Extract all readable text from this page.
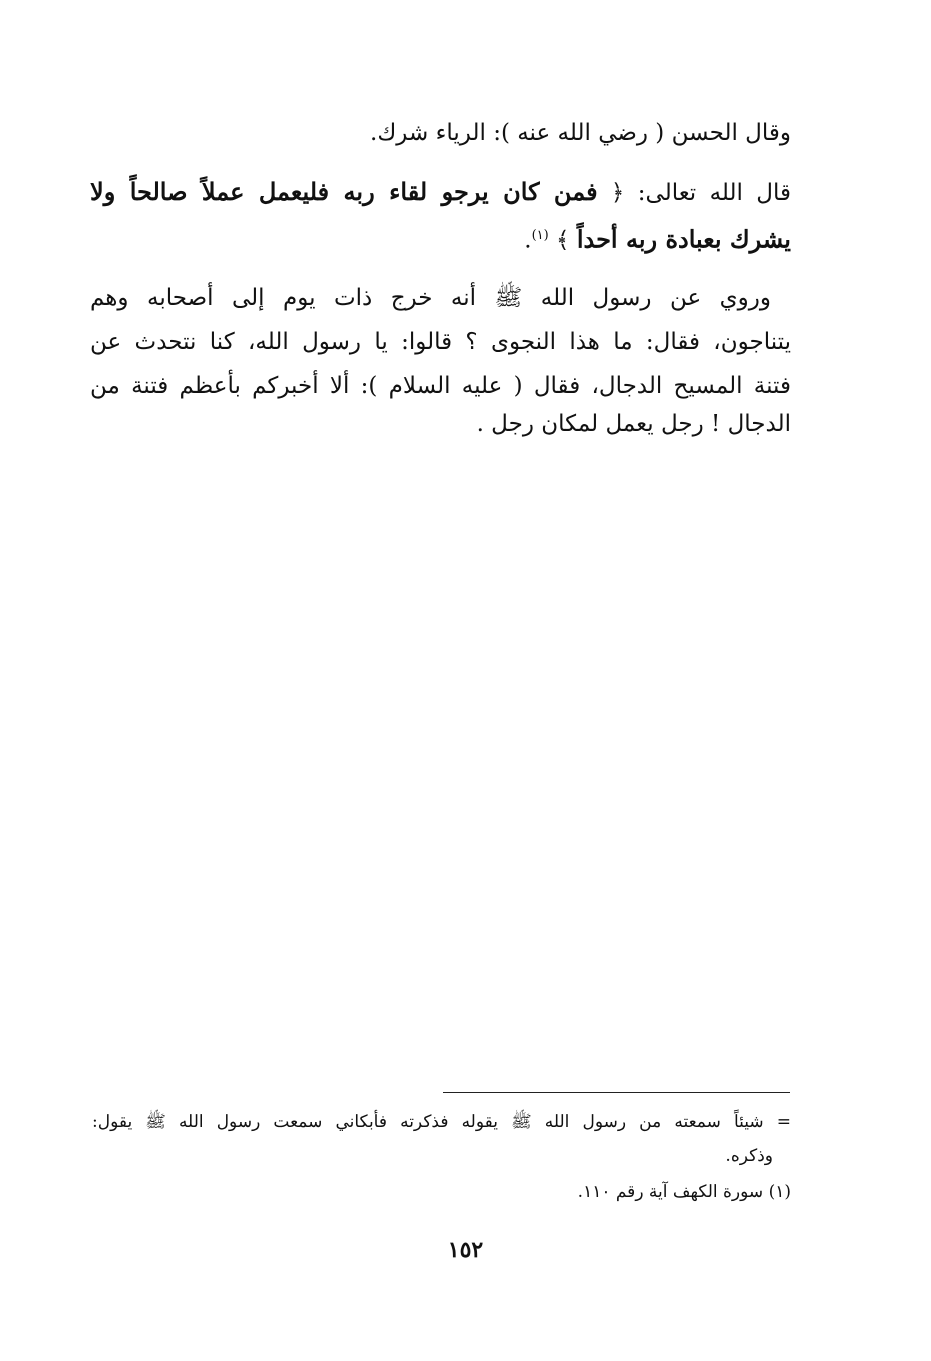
وقال الحسن ( رضي الله عنه ): الرياء شرك.
قال الله تعالى: ﴿ فمن كان يرجو لقاء ربه فليعمل عملاً صالحاً ولا
يشرك بعبادة ربه أحداً ﴾ $^{(١)}$.
وروي عن رسول الله ﷺ أنه خرج ذات يوم إلى أصحابه وهم
يتناجون، فقال: ما هذا النجوى ؟ قالوا: يا رسول الله، كنا نتحدث عن
فتنة المسيح الدجال، فقال ( عليه السلام ): ألا أخبركم بأعظم فتنة من
الدجال ! رجل يعمل لمكان رجل .
= شيئاً سمعته من رسول الله ﷺ يقوله فذكرته فأبكاني سمعت رسول الله ﷺ يقول:
وذكره.
(١) سورة الكهف آية رقم ١١٠.
١٥٢
